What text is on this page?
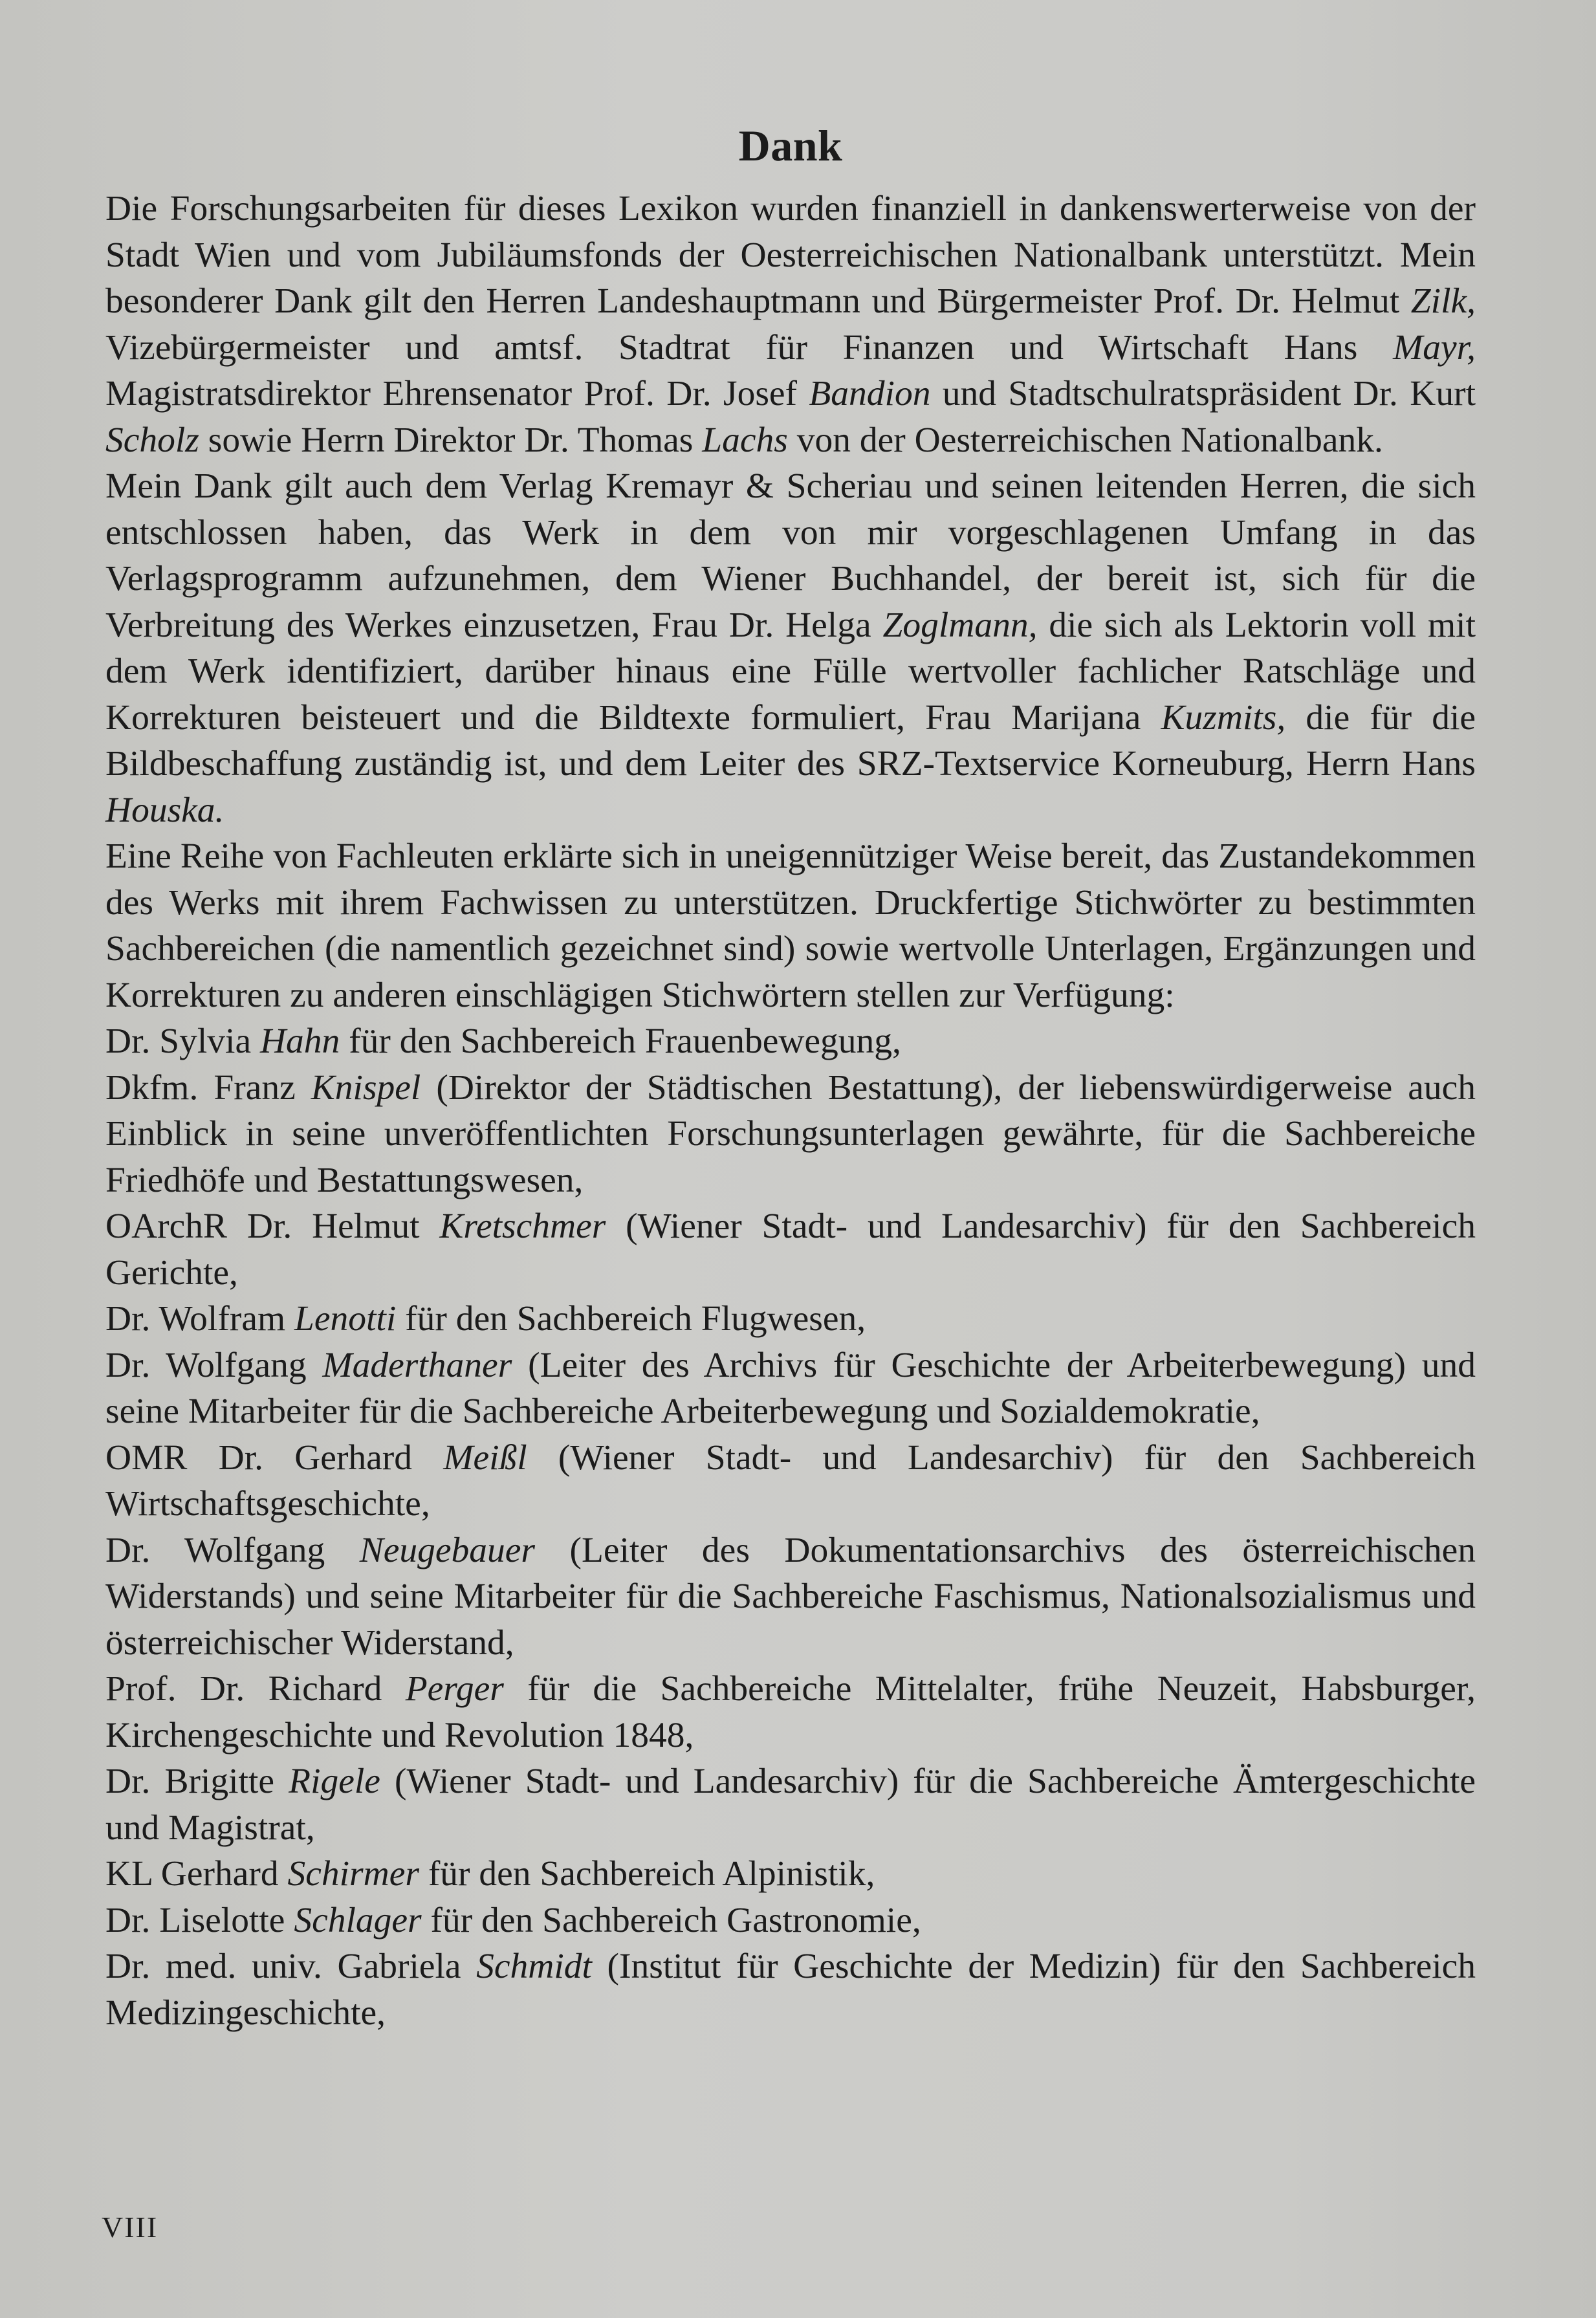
Dank

Die Forschungsarbeiten für dieses Lexikon wurden finanziell in dankenswerterweise von der Stadt Wien und vom Jubiläumsfonds der Oesterreichischen Nationalbank unterstützt. Mein besonderer Dank gilt den Herren Landeshauptmann und Bürgermeister Prof. Dr. Helmut Zilk, Vizebürgermeister und amtsf. Stadtrat für Finanzen und Wirtschaft Hans Mayr, Magistratsdirektor Ehrensenator Prof. Dr. Josef Bandion und Stadtschulratspräsident Dr. Kurt Scholz sowie Herrn Direktor Dr. Thomas Lachs von der Oesterreichischen Nationalbank.

Mein Dank gilt auch dem Verlag Kremayr & Scheriau und seinen leitenden Herren, die sich entschlossen haben, das Werk in dem von mir vorgeschlagenen Umfang in das Verlagsprogramm aufzunehmen, dem Wiener Buchhandel, der bereit ist, sich für die Verbreitung des Werkes einzusetzen, Frau Dr. Helga Zoglmann, die sich als Lektorin voll mit dem Werk identifiziert, darüber hinaus eine Fülle wertvoller fachlicher Ratschläge und Korrekturen beisteuert und die Bildtexte formuliert, Frau Marijana Kuzmits, die für die Bildbeschaffung zuständig ist, und dem Leiter des SRZ-Textservice Korneuburg, Herrn Hans Houska.

Eine Reihe von Fachleuten erklärte sich in uneigennütziger Weise bereit, das Zustandekommen des Werks mit ihrem Fachwissen zu unterstützen. Druckfertige Stichwörter zu bestimmten Sachbereichen (die namentlich gezeichnet sind) sowie wertvolle Unterlagen, Ergänzungen und Korrekturen zu anderen einschlägigen Stichwörtern stellen zur Verfügung:

Dr. Sylvia Hahn für den Sachbereich Frauenbewegung,

Dkfm. Franz Knispel (Direktor der Städtischen Bestattung), der liebenswürdigerweise auch Einblick in seine unveröffentlichten Forschungsunterlagen gewährte, für die Sachbereiche Friedhöfe und Bestattungswesen,

OArchR Dr. Helmut Kretschmer (Wiener Stadt- und Landesarchiv) für den Sachbereich Gerichte,

Dr. Wolfram Lenotti für den Sachbereich Flugwesen,

Dr. Wolfgang Maderthaner (Leiter des Archivs für Geschichte der Arbeiterbewegung) und seine Mitarbeiter für die Sachbereiche Arbeiterbewegung und Sozialdemokratie,

OMR Dr. Gerhard Meißl (Wiener Stadt- und Landesarchiv) für den Sachbereich Wirtschaftsgeschichte,

Dr. Wolfgang Neugebauer (Leiter des Dokumentationsarchivs des österreichischen Widerstands) und seine Mitarbeiter für die Sachbereiche Faschismus, Nationalsozialismus und österreichischer Widerstand,

Prof. Dr. Richard Perger für die Sachbereiche Mittelalter, frühe Neuzeit, Habsburger, Kirchengeschichte und Revolution 1848,

Dr. Brigitte Rigele (Wiener Stadt- und Landesarchiv) für die Sachbereiche Ämtergeschichte und Magistrat,

KL Gerhard Schirmer für den Sachbereich Alpinistik,

Dr. Liselotte Schlager für den Sachbereich Gastronomie,

Dr. med. univ. Gabriela Schmidt (Institut für Geschichte der Medizin) für den Sachbereich Medizingeschichte,

VIII
